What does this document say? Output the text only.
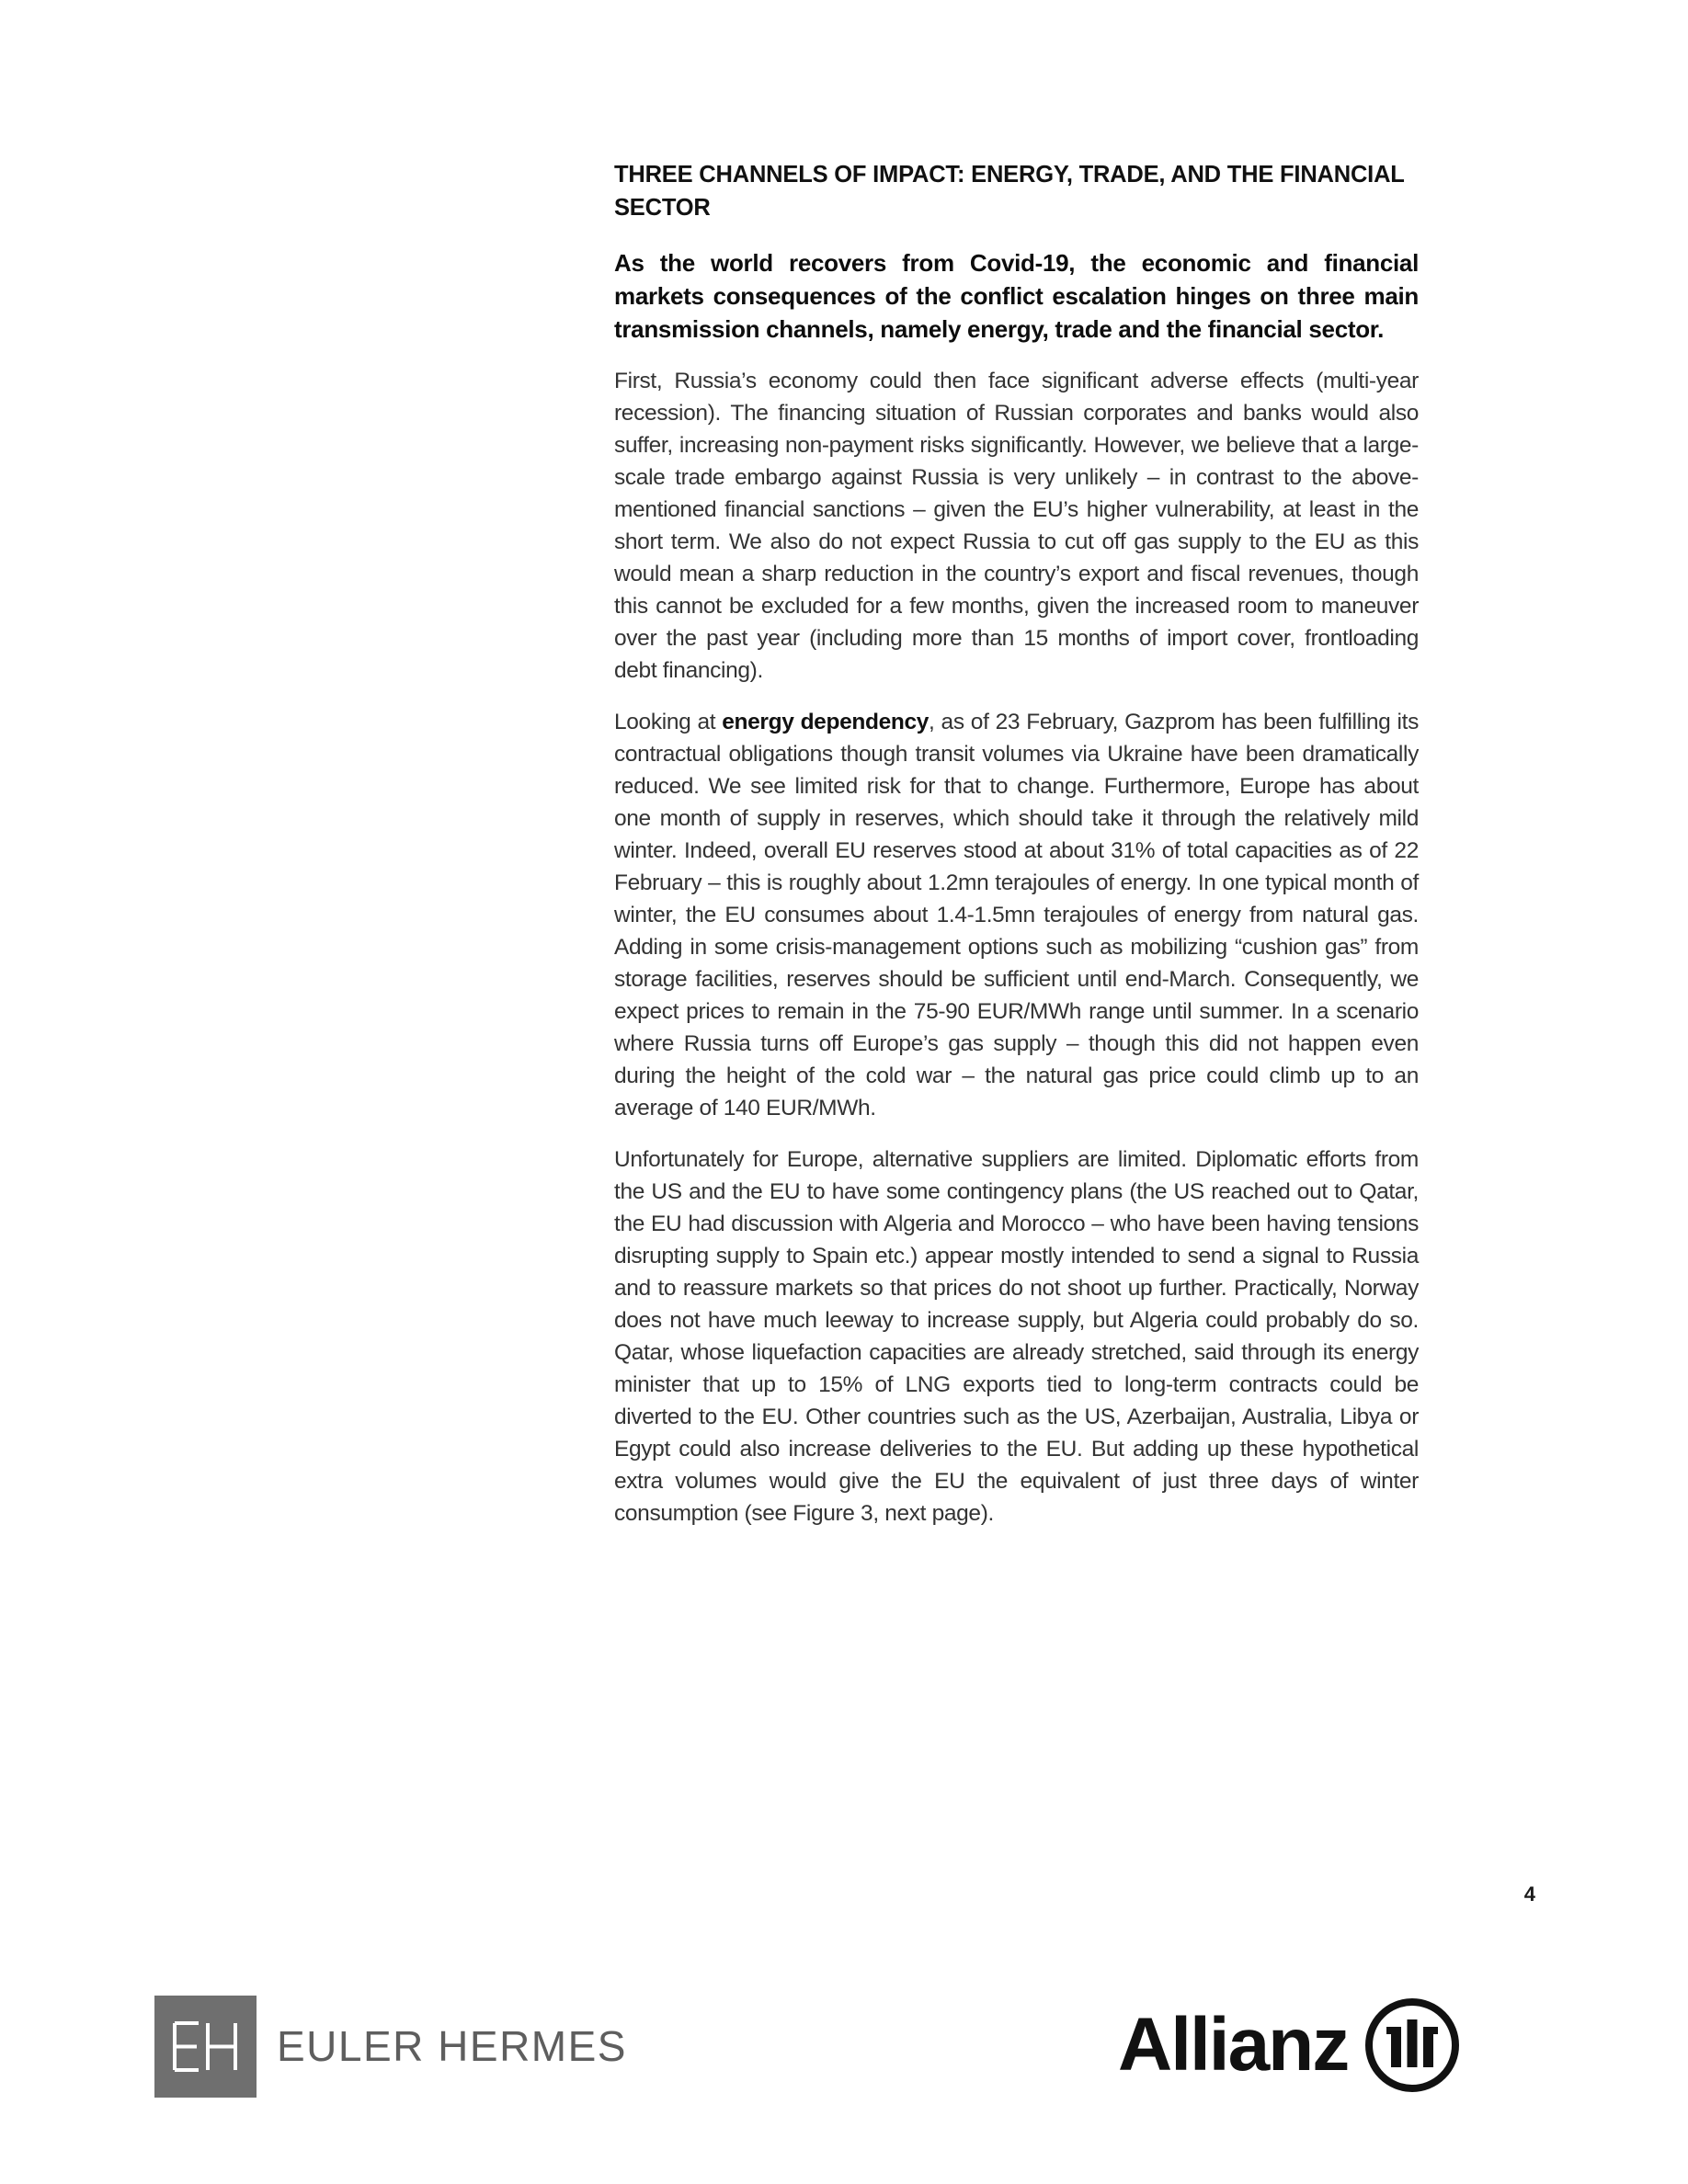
THREE CHANNELS OF IMPACT: ENERGY, TRADE, AND THE FINANCIAL SECTOR

As the world recovers from Covid-19, the economic and financial markets consequences of the conflict escalation hinges on three main transmission channels, namely energy, trade and the financial sector.

First, Russia’s economy could then face significant adverse effects (multi-year recession). The financing situation of Russian corporates and banks would also suffer, increasing non-payment risks significantly. However, we believe that a large-scale trade embargo against Russia is very unlikely – in contrast to the above-mentioned financial sanctions – given the EU’s higher vulnerability, at least in the short term. We also do not expect Russia to cut off gas supply to the EU as this would mean a sharp reduction in the country’s export and fiscal revenues, though this cannot be excluded for a few months, given the increased room to maneuver over the past year (including more than 15 months of import cover, frontloading debt financing).

Looking at energy dependency, as of 23 February, Gazprom has been fulfilling its contractual obligations though transit volumes via Ukraine have been dramatically reduced. We see limited risk for that to change. Furthermore, Europe has about one month of supply in reserves, which should take it through the relatively mild winter. Indeed, overall EU reserves stood at about 31% of total capacities as of 22 February – this is roughly about 1.2mn terajoules of energy. In one typical month of winter, the EU consumes about 1.4-1.5mn terajoules of energy from natural gas. Adding in some crisis-management options such as mobilizing “cushion gas” from storage facilities, reserves should be sufficient until end-March. Consequently, we expect prices to remain in the 75-90 EUR/MWh range until summer. In a scenario where Russia turns off Europe’s gas supply – though this did not happen even during the height of the cold war – the natural gas price could climb up to an average of 140 EUR/MWh.

Unfortunately for Europe, alternative suppliers are limited. Diplomatic efforts from the US and the EU to have some contingency plans (the US reached out to Qatar, the EU had discussion with Algeria and Morocco – who have been having tensions disrupting supply to Spain etc.) appear mostly intended to send a signal to Russia and to reassure markets so that prices do not shoot up further. Practically, Norway does not have much leeway to increase supply, but Algeria could probably do so. Qatar, whose liquefaction capacities are already stretched, said through its energy minister that up to 15% of LNG exports tied to long-term contracts could be diverted to the EU. Other countries such as the US, Azerbaijan, Australia, Libya or Egypt could also increase deliveries to the EU. But adding up these hypothetical extra volumes would give the EU the equivalent of just three days of winter consumption (see Figure 3, next page).

4
EULER HERMES	Allianz
